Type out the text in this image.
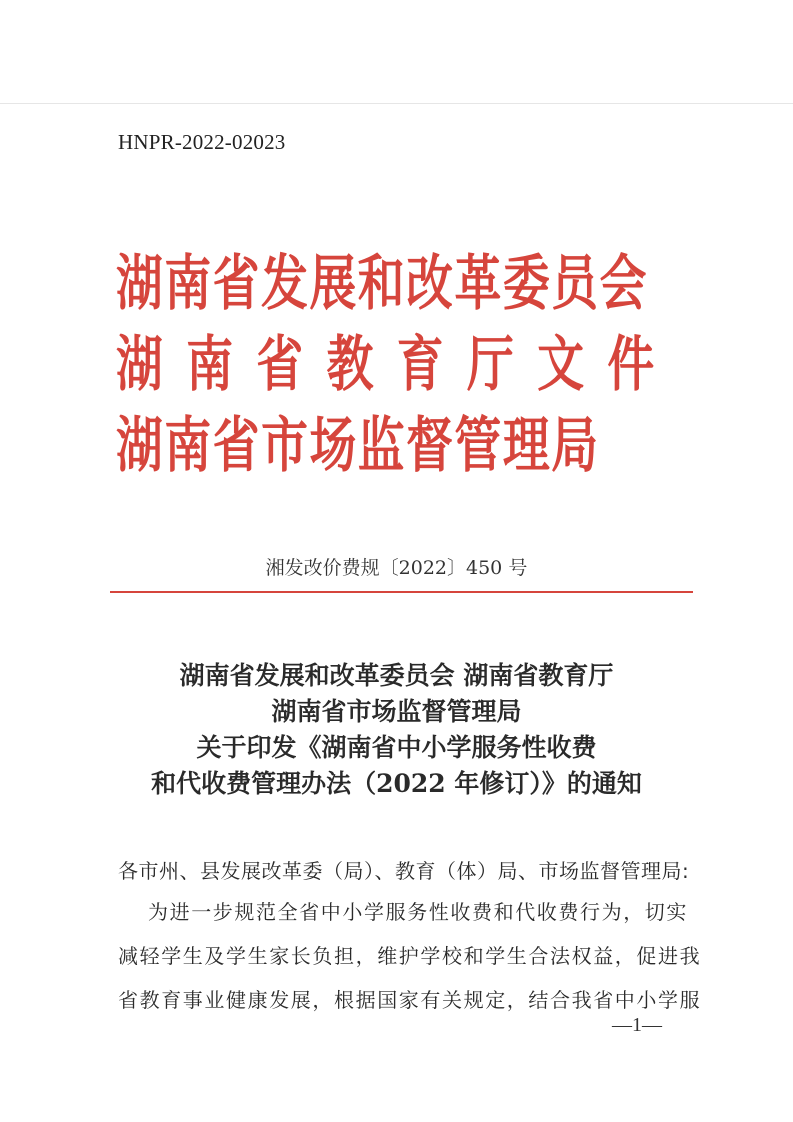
HNPR-2022-02023

湖南省发展和改革委员会

湖南省教育厅文件

湖南省市场监督管理局

湘发改价费规〔2022〕450 号
湖南省发展和改革委员会 湖南省教育厅
湖南省市场监督管理局
关于印发《湖南省中小学服务性收费
和代收费管理办法（2022 年修订）》的通知
各市州、县发展改革委（局）、教育（体）局、市场监督管理局:
为进一步规范全省中小学服务性收费和代收费行为，切实
减轻学生及学生家长负担，维护学校和学生合法权益，促进我
省教育事业健康发展，根据国家有关规定，结合我省中小学服
—1—
